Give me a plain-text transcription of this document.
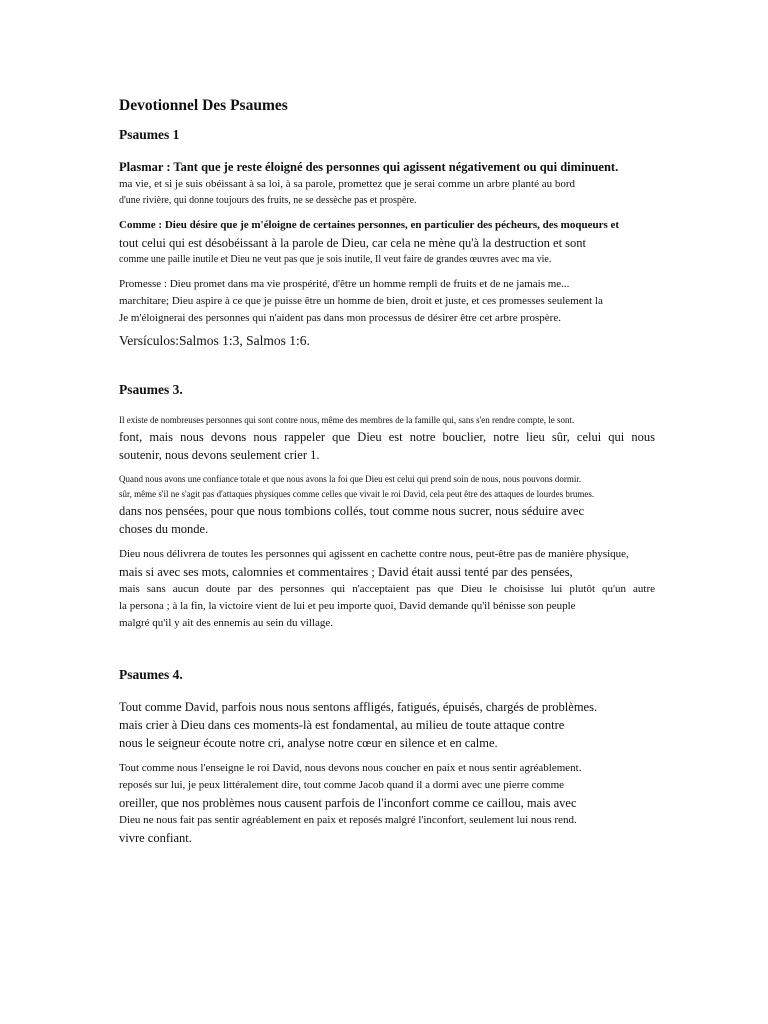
Devotionnel Des Psaumes
Psaumes 1
Plasmar : Tant que je reste éloigné des personnes qui agissent négativement ou qui diminuent.
ma vie, et si je suis obéissant à sa loi, à sa parole, promettez que je serai comme un arbre planté au bord
d'une rivière, qui donne toujours des fruits, ne se dessèche pas et prospère.
Comme : Dieu désire que je m'éloigne de certaines personnes, en particulier des pécheurs, des moqueurs et
tout celui qui est désobéissant à la parole de Dieu, car cela ne mène qu'à la destruction et sont
comme une paille inutile et Dieu ne veut pas que je sois inutile, Il veut faire de grandes œuvres avec ma vie.
Promesse : Dieu promet dans ma vie prospérité, d'être un homme rempli de fruits et de ne jamais me...
marchitare; Dieu aspire à ce que je puisse être un homme de bien, droit et juste, et ces promesses seulement la
Je m'éloignerai des personnes qui n'aident pas dans mon processus de désirer être cet arbre prospère.
Versículos:Salmos 1:3, Salmos 1:6.
Psaumes 3.
Il existe de nombreuses personnes qui sont contre nous, même des membres de la famille qui, sans s'en rendre compte, le sont.
font, mais nous devons nous rappeler que Dieu est notre bouclier, notre lieu sûr, celui qui nous
soutenir, nous devons seulement crier 1.
Quand nous avons une confiance totale et que nous avons la foi que Dieu est celui qui prend soin de nous, nous pouvons dormir.
sûr, même s'il ne s'agit pas d'attaques physiques comme celles que vivait le roi David, cela peut être des attaques de lourdes brumes.
dans nos pensées, pour que nous tombions collés, tout comme nous sucrer, nous séduire avec
choses du monde.
Dieu nous délivrera de toutes les personnes qui agissent en cachette contre nous, peut-être pas de manière physique,
mais si avec ses mots, calomnies et commentaires ; David était aussi tenté par des pensées,
mais sans aucun doute par des personnes qui n'acceptaient pas que Dieu le choisisse lui plutôt qu'un autre
la persona ; à la fin, la victoire vient de lui et peu importe quoi, David demande qu'il bénisse son peuple
malgré qu'il y ait des ennemis au sein du village.
Psaumes 4.
Tout comme David, parfois nous nous sentons affligés, fatigués, épuisés, chargés de problèmes.
mais crier à Dieu dans ces moments-là est fondamental, au milieu de toute attaque contre
nous le seigneur écoute notre cri, analyse notre cœur en silence et en calme.
Tout comme nous l'enseigne le roi David, nous devons nous coucher en paix et nous sentir agréablement.
reposés sur lui, je peux littéralement dire, tout comme Jacob quand il a dormi avec une pierre comme
oreiller, que nos problèmes nous causent parfois de l'inconfort comme ce caillou, mais avec
Dieu ne nous fait pas sentir agréablement en paix et reposés malgré l'inconfort, seulement lui nous rend.
vivre confiant.
